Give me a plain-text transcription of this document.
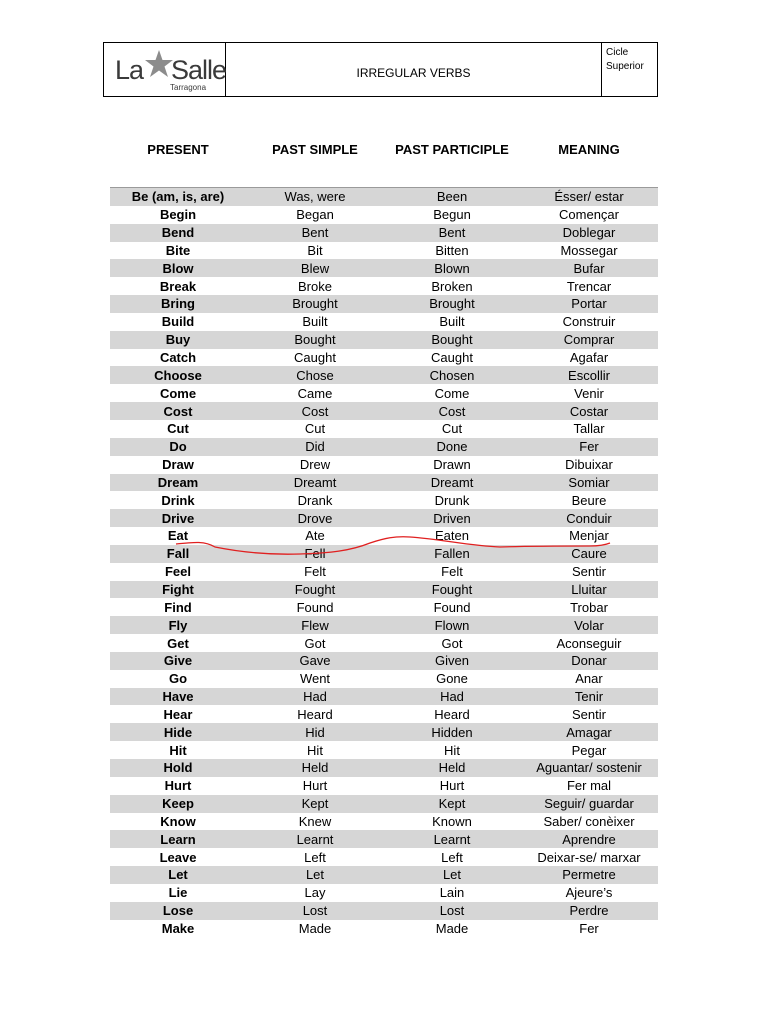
La Salle
Tarragona
IRREGULAR VERBS
Cicle
Superior
PRESENT	PAST SIMPLE	PAST PARTICIPLE	MEANING
Be (am, is, are)	Was, were	Been	Ésser/ estar
Begin	Began	Begun	Començar
Bend	Bent	Bent	Doblegar
Bite	Bit	Bitten	Mossegar
Blow	Blew	Blown	Bufar
Break	Broke	Broken	Trencar
Bring	Brought	Brought	Portar
Build	Built	Built	Construir
Buy	Bought	Bought	Comprar
Catch	Caught	Caught	Agafar
Choose	Chose	Chosen	Escollir
Come	Came	Come	Venir
Cost	Cost	Cost	Costar
Cut	Cut	Cut	Tallar
Do	Did	Done	Fer
Draw	Drew	Drawn	Dibuixar
Dream	Dreamt	Dreamt	Somiar
Drink	Drank	Drunk	Beure
Drive	Drove	Driven	Conduir
Eat	Ate	Eaten	Menjar
Fall	Fell	Fallen	Caure
Feel	Felt	Felt	Sentir
Fight	Fought	Fought	Lluitar
Find	Found	Found	Trobar
Fly	Flew	Flown	Volar
Get	Got	Got	Aconseguir
Give	Gave	Given	Donar
Go	Went	Gone	Anar
Have	Had	Had	Tenir
Hear	Heard	Heard	Sentir
Hide	Hid	Hidden	Amagar
Hit	Hit	Hit	Pegar
Hold	Held	Held	Aguantar/ sostenir
Hurt	Hurt	Hurt	Fer mal
Keep	Kept	Kept	Seguir/ guardar
Know	Knew	Known	Saber/ conèixer
Learn	Learnt	Learnt	Aprendre
Leave	Left	Left	Deixar-se/ marxar
Let	Let	Let	Permetre
Lie	Lay	Lain	Ajeure’s
Lose	Lost	Lost	Perdre
Make	Made	Made	Fer
